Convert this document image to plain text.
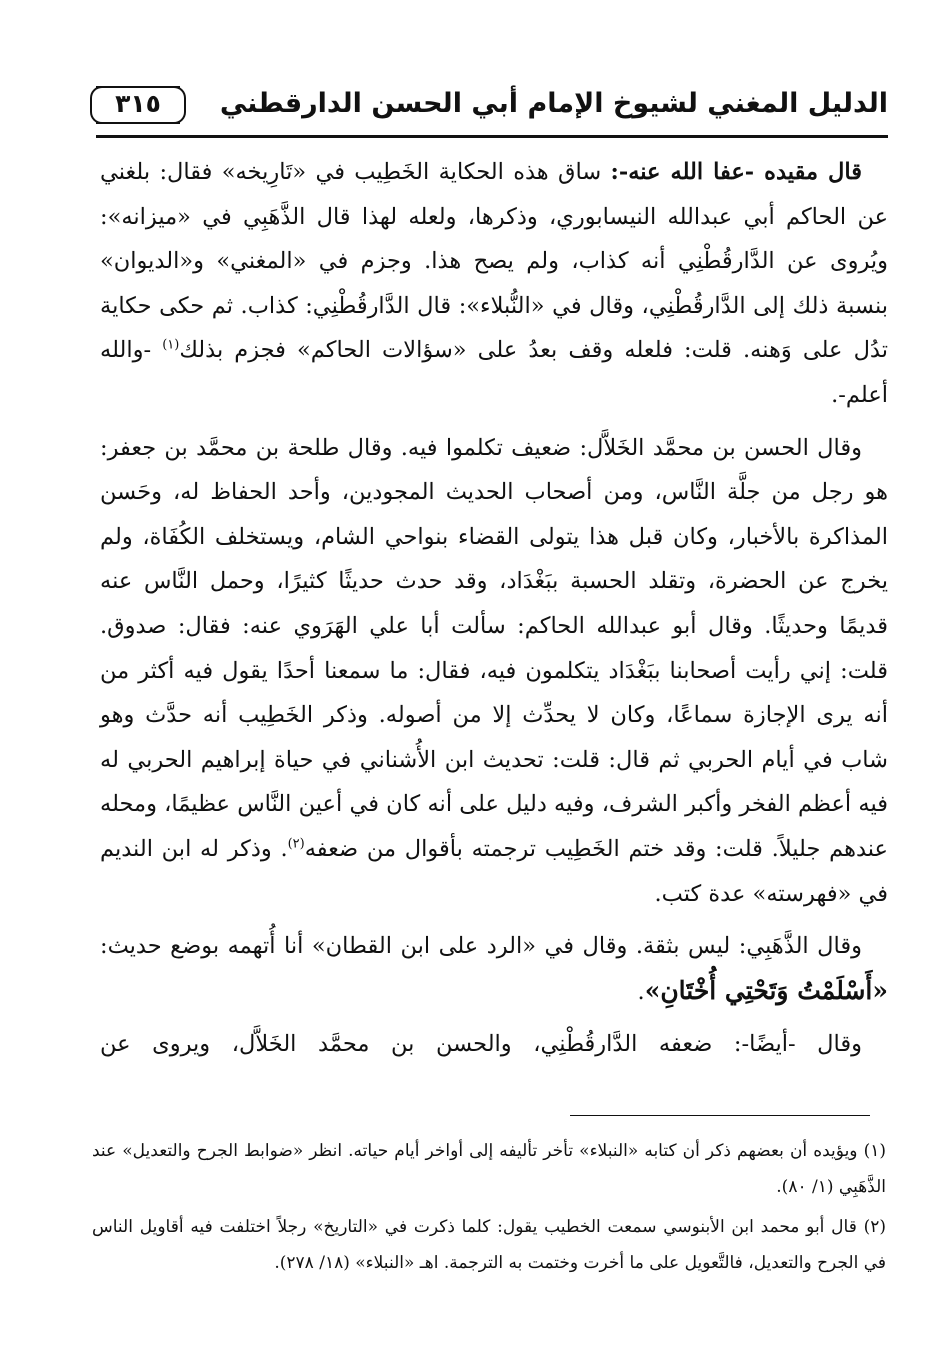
الدليل المغني لشيوخ الإمام أبي الحسن الدارقطني
٣١٥

قال مقيده -عفا الله عنه-: ساق هذه الحكاية الخَطِيب في «تَارِيخه» فقال: بلغني عن الحاكم أبي عبدالله النيسابوري، وذكرها، ولعله لهذا قال الذَّهَبِي في «ميزانه»: ويُروى عن الدَّارقُطْنِي أنه كذاب، ولم يصح هذا. وجزم في «المغني» و«الديوان» بنسبة ذلك إلى الدَّارقُطْنِي، وقال في «النُّبلاء»: قال الدَّارقُطْنِي: كذاب. ثم حكى حكاية تدُل على وَهنه. قلت: فلعله وقف بعدُ على «سؤالات الحاكم» فجزم بذلك$^{(١)}$ -والله أعلم-.

وقال الحسن بن محمَّد الخَلاَّل: ضعيف تكلموا فيه. وقال طلحة بن محمَّد بن جعفر: هو رجل من جلَّة النَّاس، ومن أصحاب الحديث المجودين، وأحد الحفاظ له، وحَسن المذاكرة بالأخبار، وكان قبل هذا يتولى القضاء بنواحي الشام، ويستخلف الكُفَاة، ولم يخرج عن الحضرة، وتقلد الحسبة ببَغْدَاد، وقد حدث حديثًا كثيرًا، وحمل النَّاس عنه قديمًا وحديثًا. وقال أبو عبدالله الحاكم: سألت أبا علي الهَرَوي عنه: فقال: صدوق. قلت: إني رأيت أصحابنا ببَغْدَاد يتكلمون فيه، فقال: ما سمعنا أحدًا يقول فيه أكثر من أنه يرى الإجازة سماعًا، وكان لا يحدِّث إلا من أصوله. وذكر الخَطِيب أنه حدَّث وهو شاب في أيام الحربي ثم قال: قلت: تحديث ابن الأُشناني في حياة إبراهيم الحربي له فيه أعظم الفخر وأكبر الشرف، وفيه دليل على أنه كان في أعين النَّاس عظيمًا، ومحله عندهم جليلاً. قلت: وقد ختم الخَطِيب ترجمته بأقوال من ضعفه$^{(٢)}$. وذكر له ابن النديم في «فهرسته» عدة كتب.

وقال الذَّهَبِي: ليس بثقة. وقال في «الرد على ابن القطان» أنا أُتهمه بوضع حديث: «أَسْلَمْتُ وَتَحْتِي أُخْتَانِ».

وقال -أيضًا-: ضعفه الدَّارقُطْنِي، والحسن بن محمَّد الخَلاَّل، ويروى عن

(١) ويؤيده أن بعضهم ذكر أن كتابه «النبلاء» تأخر تأليفه إلى أواخر أيام حياته. انظر «ضوابط الجرح والتعديل» عند الذَّهَبِي (١/ ٨٠).

(٢) قال أبو محمد ابن الأبنوسي سمعت الخطيب يقول: كلما ذكرت في «التاريخ» رجلاً اختلفت فيه أقاويل الناس في الجرح والتعديل، فالتَّعويل على ما أخرت وختمت به الترجمة. اهـ «النبلاء» (١٨/ ٢٧٨).
